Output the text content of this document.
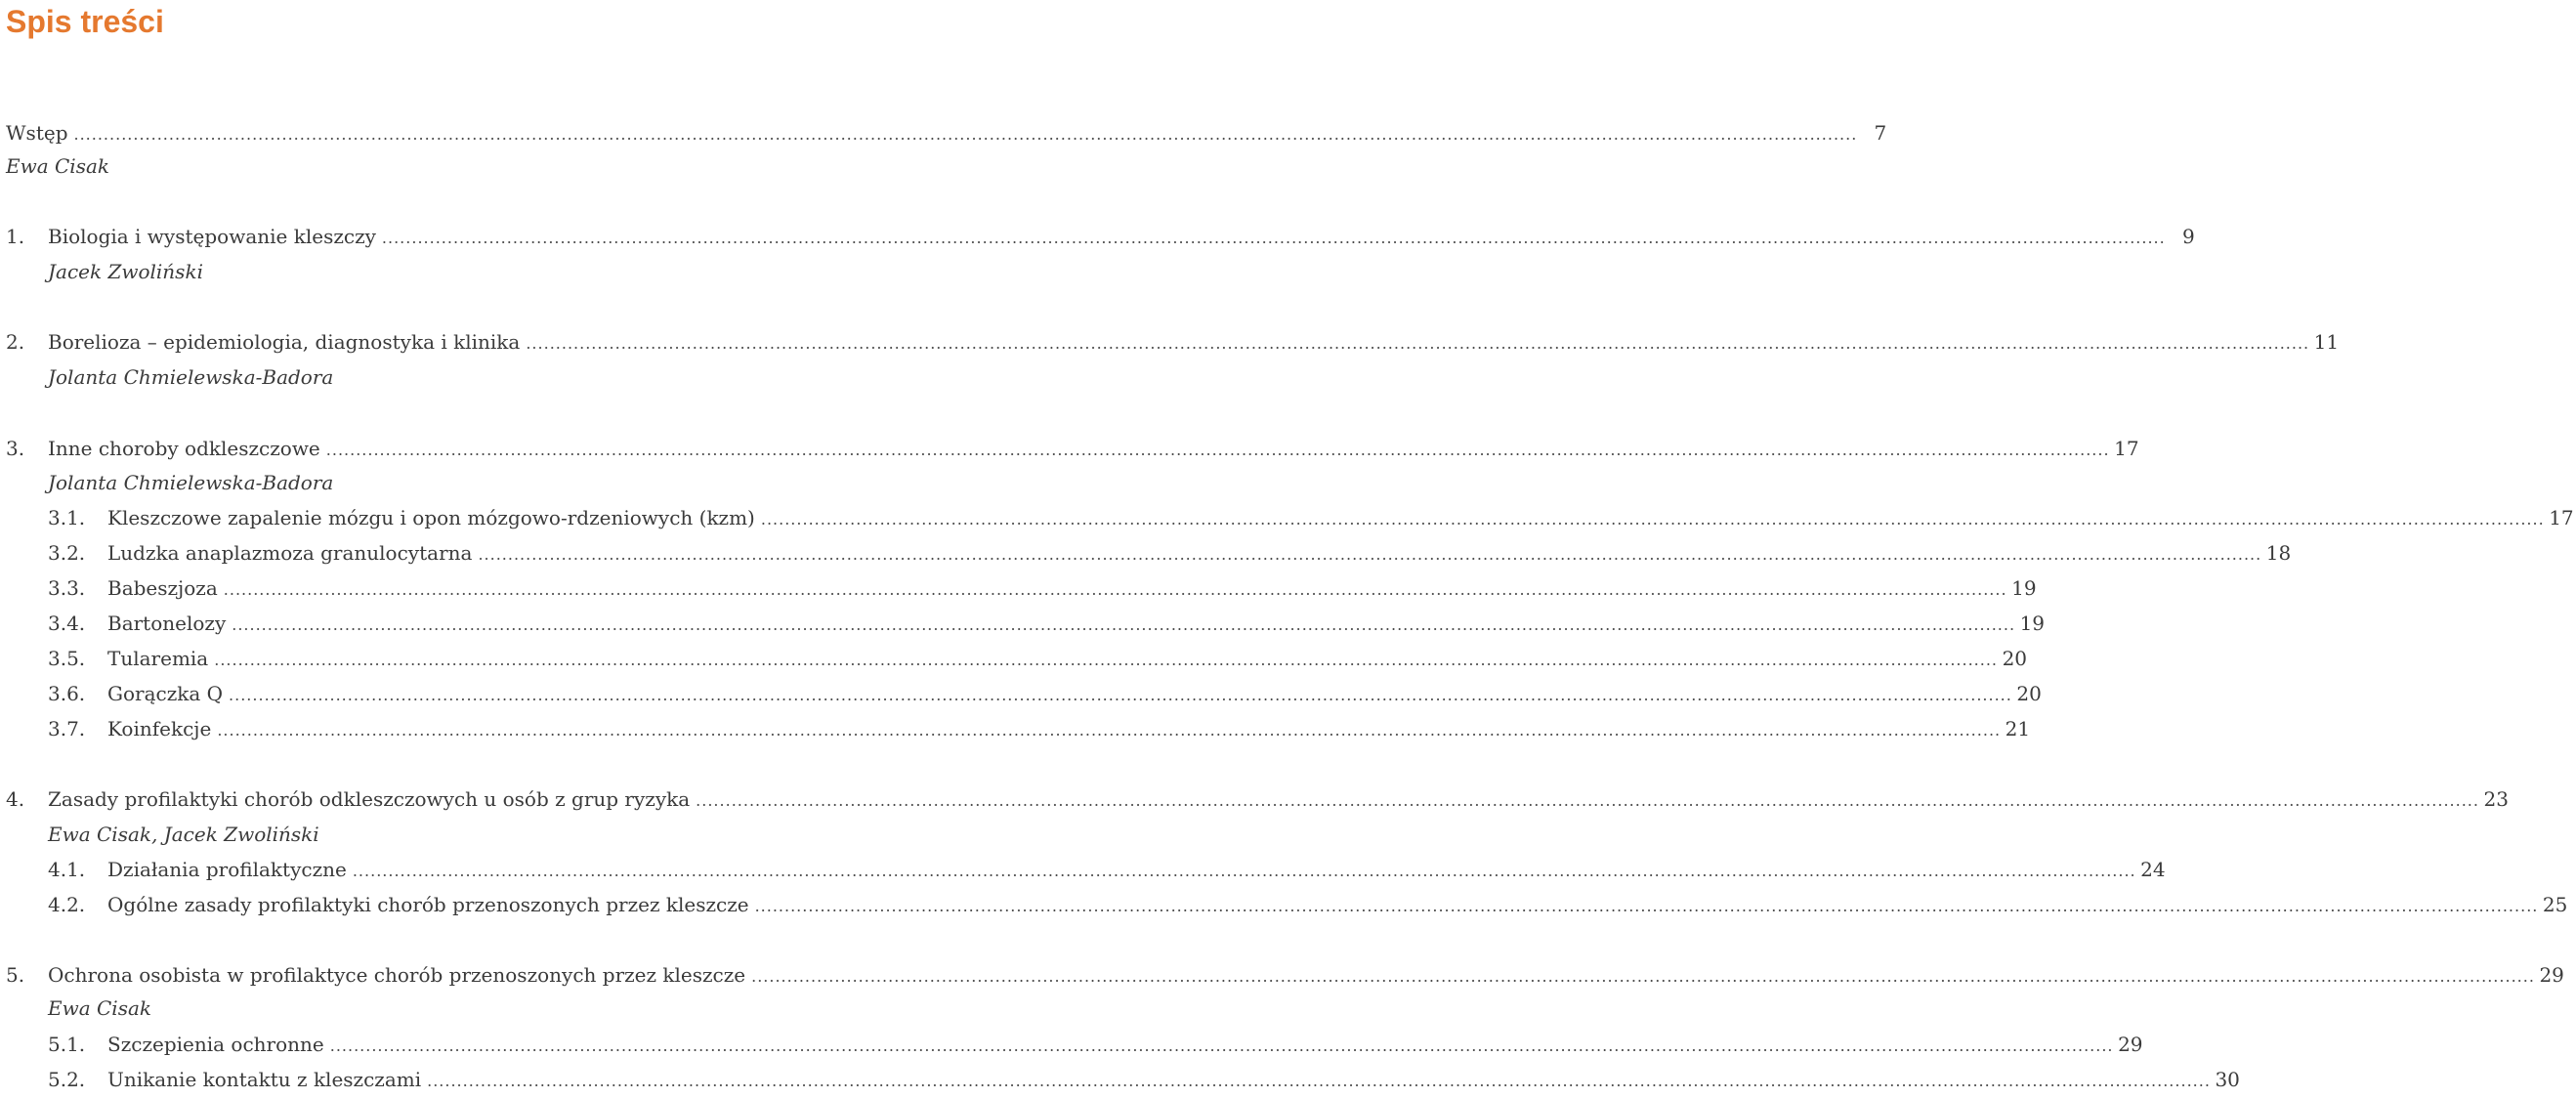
Spis treści
Wstęp ............................................................................................................................................................................................................................................................................................................ 7
Ewa Cisak
1. Biologia i występowanie kleszczy ............................................................................................................................................................................................................................................................................................................ 9
Jacek Zwoliński
2. Borelioza – epidemiologia, diagnostyka i klinika ............................................................................................................................................................................................................................................................................................................ 11
Jolanta Chmielewska-Badora
3. Inne choroby odkleszczowe ............................................................................................................................................................................................................................................................................................................ 17
Jolanta Chmielewska-Badora
3.1. Kleszczowe zapalenie mózgu i opon mózgowo-rdzeniowych (kzm) ............................................................................................................................................................................................................................................................................................................ 17
3.2. Ludzka anaplazmoza granulocytarna ............................................................................................................................................................................................................................................................................................................ 18
3.3. Babeszjoza ............................................................................................................................................................................................................................................................................................................ 19
3.4. Bartonelozy ............................................................................................................................................................................................................................................................................................................ 19
3.5. Tularemia ............................................................................................................................................................................................................................................................................................................ 20
3.6. Gorączka Q ............................................................................................................................................................................................................................................................................................................ 20
3.7. Koinfekcje ............................................................................................................................................................................................................................................................................................................ 21
4. Zasady profilaktyki chorób odkleszczowych u osób z grup ryzyka ............................................................................................................................................................................................................................................................................................................ 23
Ewa Cisak, Jacek Zwoliński
4.1. Działania profilaktyczne ............................................................................................................................................................................................................................................................................................................ 24
4.2. Ogólne zasady profilaktyki chorób przenoszonych przez kleszcze ............................................................................................................................................................................................................................................................................................................ 25
5. Ochrona osobista w profilaktyce chorób przenoszonych przez kleszcze ............................................................................................................................................................................................................................................................................................................ 29
Ewa Cisak
5.1. Szczepienia ochronne ............................................................................................................................................................................................................................................................................................................ 29
5.2. Unikanie kontaktu z kleszczami ............................................................................................................................................................................................................................................................................................................ 30
